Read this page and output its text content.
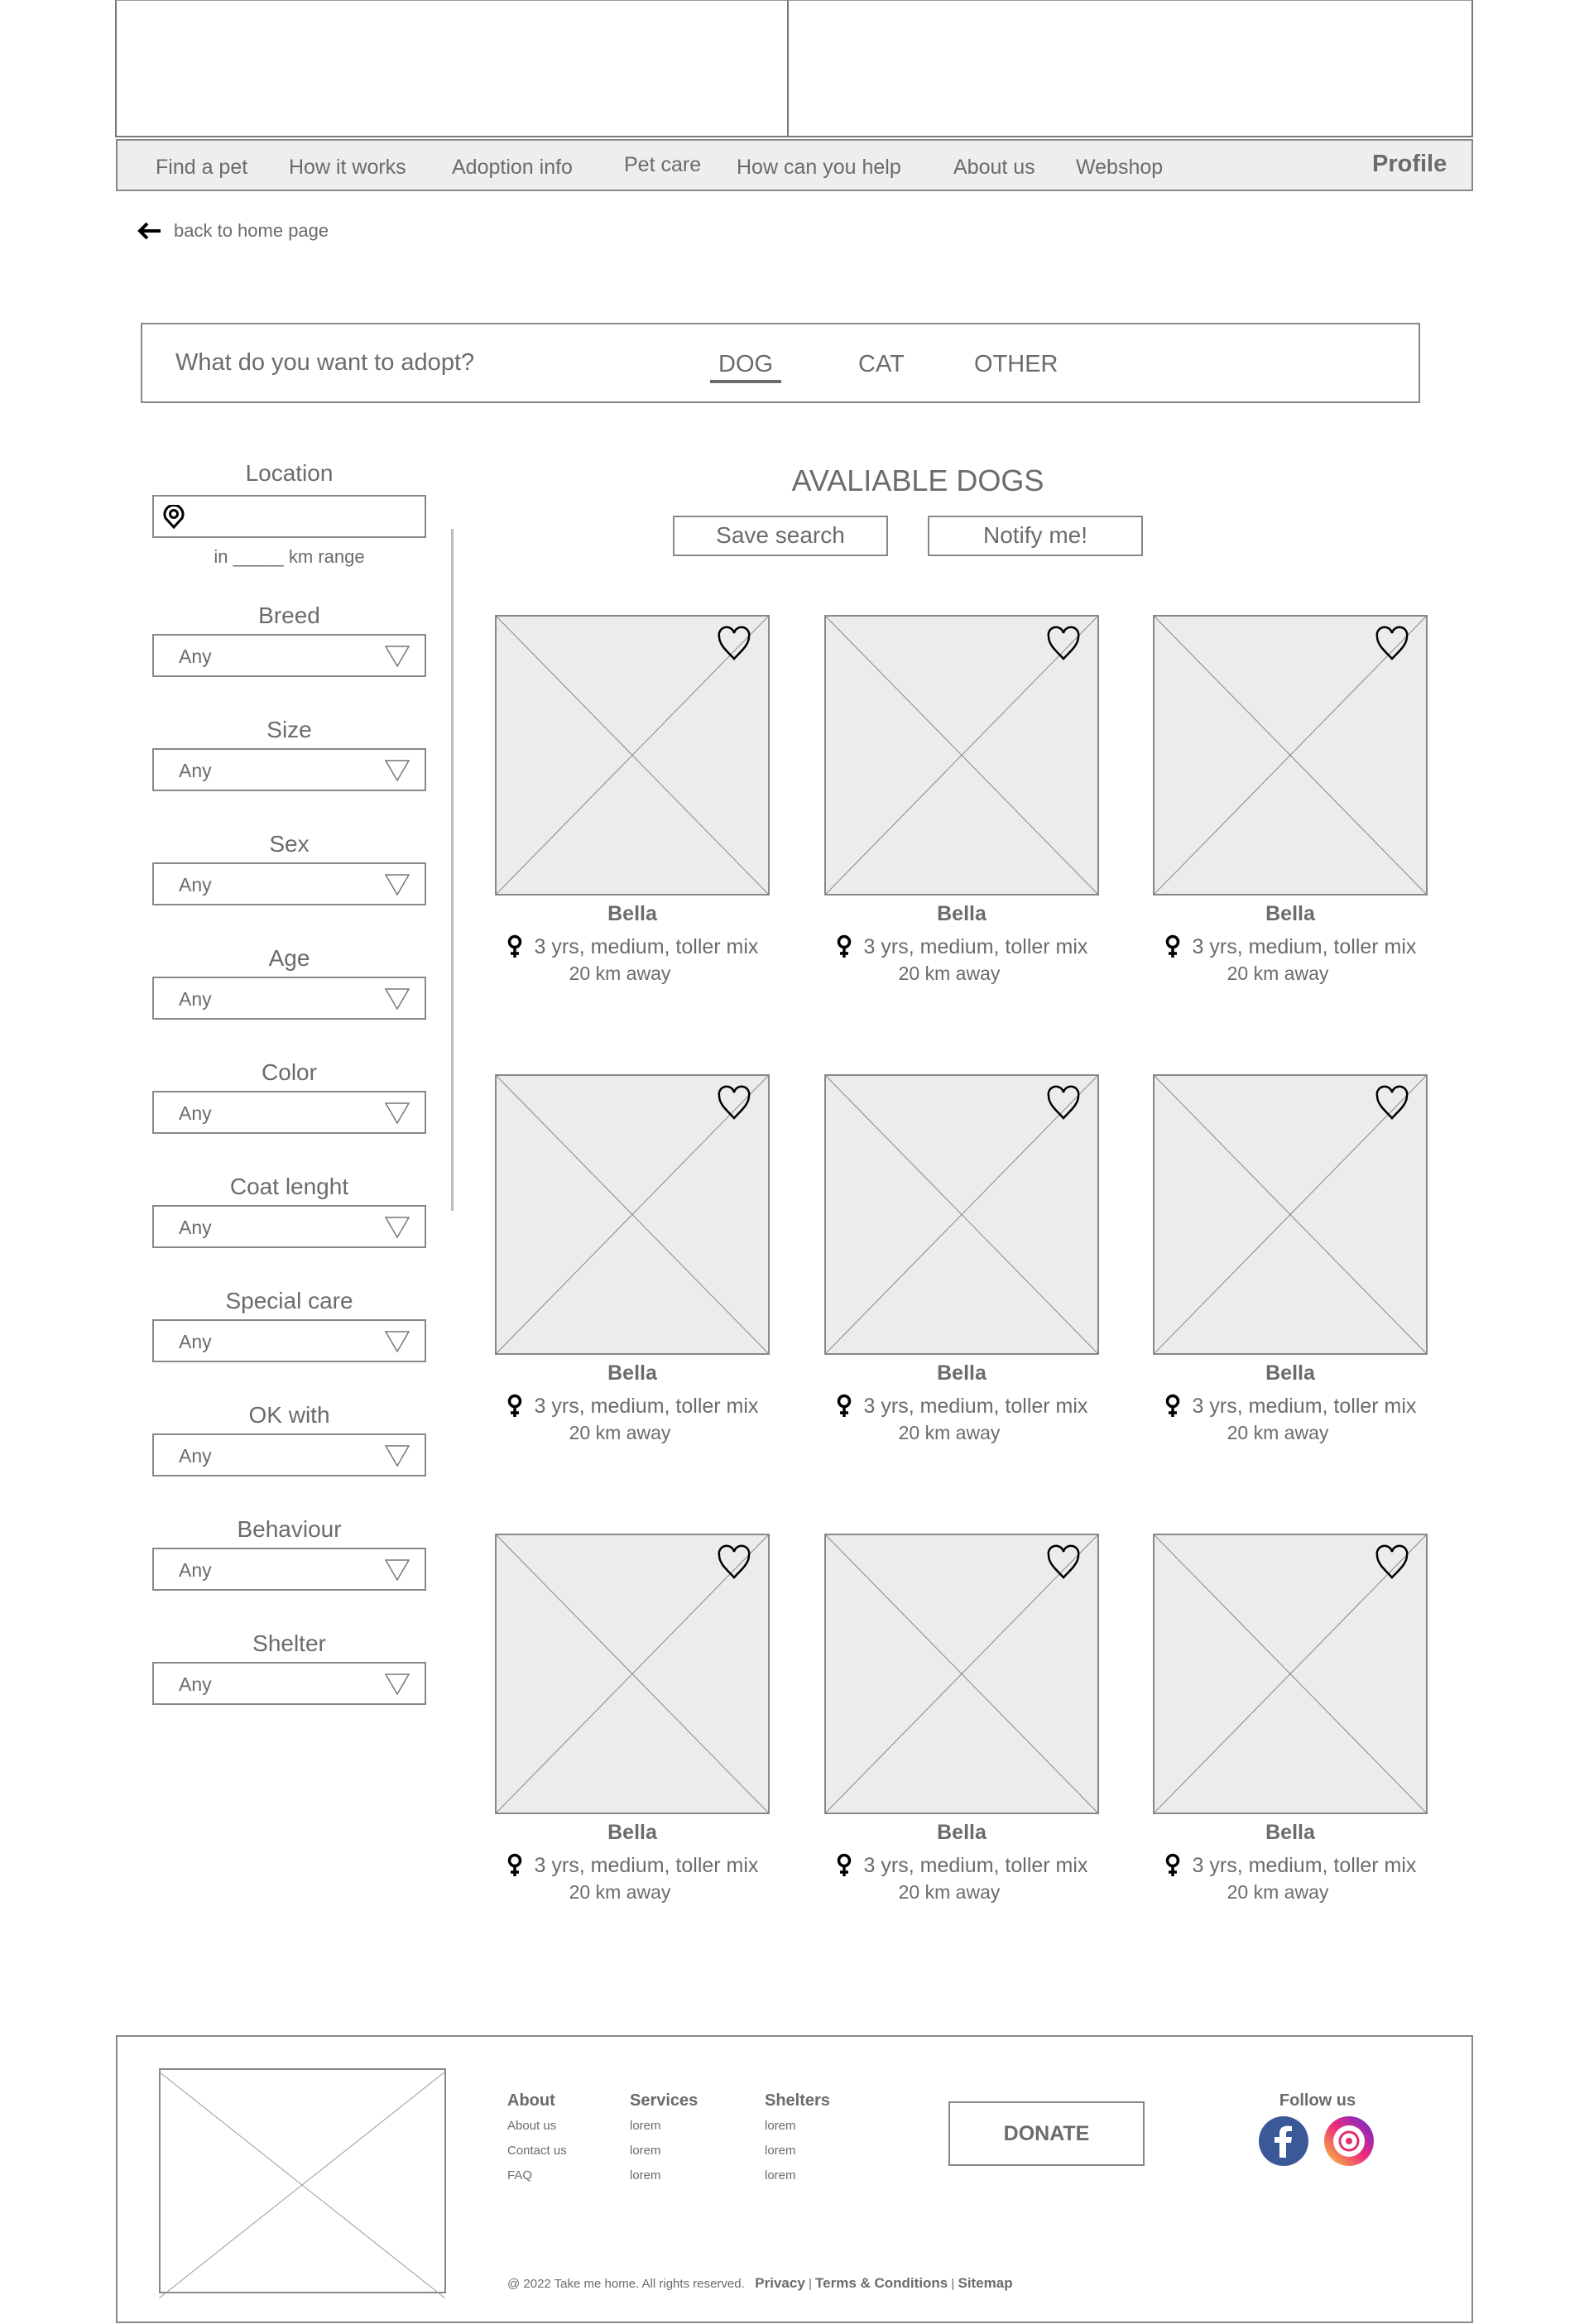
Find a pet How it works Adoption info Pet care How can you help	About us Webshop	Profile
back to home page
What do you want to adopt?	DOG	CAT	OTHER
Location
in _____ km range
Breed
Any
Size
Any
Sex
Any
Age
Any
Color
Any
Coat lenght
Any
Special care
Any
OK with
Any
Behaviour
Any
Shelter
Any
AVALIABLE DOGS
Save search	Notify me!
Bella
3 yrs, medium, toller mix
20 km away
Bella
3 yrs, medium, toller mix
20 km away
Bella
3 yrs, medium, toller mix
20 km away
Bella
3 yrs, medium, toller mix
20 km away
Bella
3 yrs, medium, toller mix
20 km away
Bella
3 yrs, medium, toller mix
20 km away
Bella
3 yrs, medium, toller mix
20 km away
Bella
3 yrs, medium, toller mix
20 km away
Bella
3 yrs, medium, toller mix
20 km away
About
About us
Contact us
FAQ
Services
lorem
lorem
lorem
Shelters
lorem
lorem
lorem
DONATE
Follow us
@ 2022 Take me home. All rights reserved. Privacy | Terms & Conditions | Sitemap
